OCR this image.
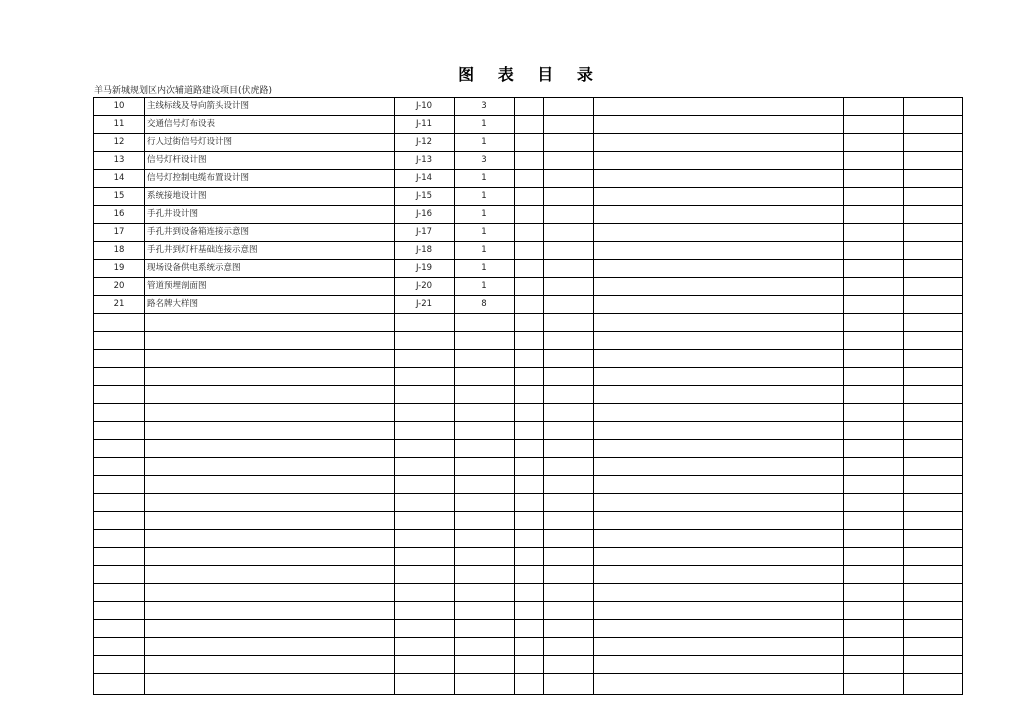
图 表 目 录
羊马新城规划区内次辅道路建设项目(伏虎路)
10	主线标线及导向箭头设计图	J-10	3
11	交通信号灯布设表	J-11	1
12	行人过街信号灯设计图	J-12	1
13	信号灯杆设计图	J-13	3
14	信号灯控制电缆布置设计图	J-14	1
15	系统接地设计图	J-15	1
16	手孔井设计图	J-16	1
17	手孔井到设备箱连接示意图	J-17	1
18	手孔井到灯杆基础连接示意图	J-18	1
19	现场设备供电系统示意图	J-19	1
20	管道预埋剖面图	J-20	1
21	路名牌大样图	J-21	8
